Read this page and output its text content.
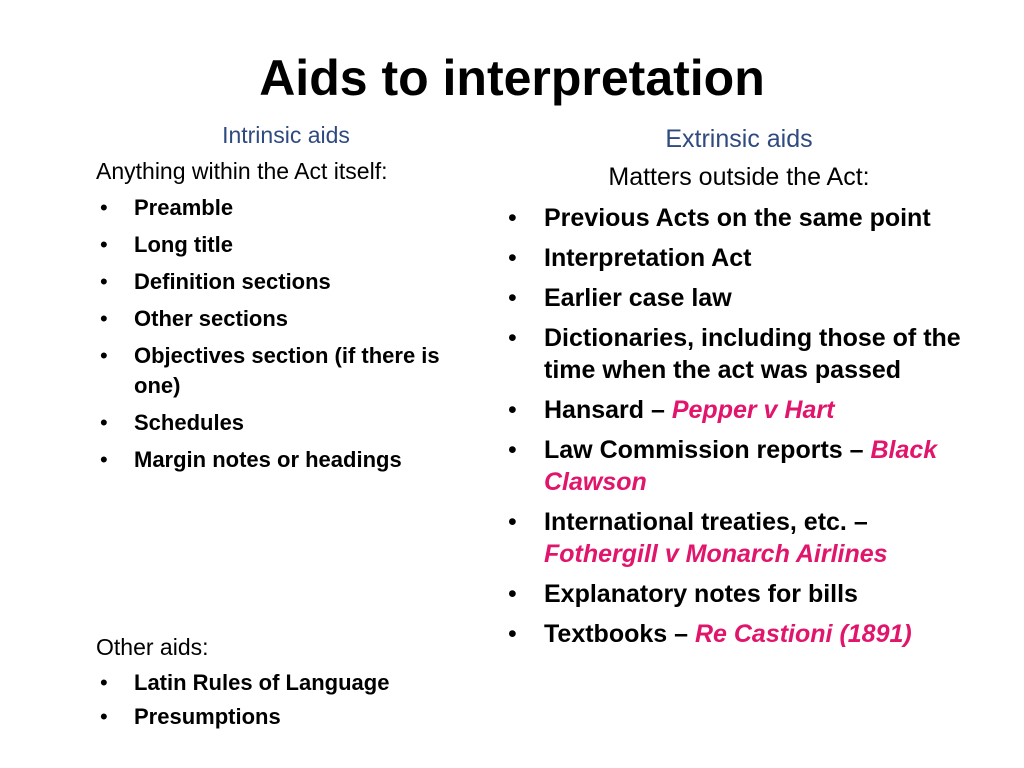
Aids to interpretation
Intrinsic aids

Anything within the Act itself:

• Preamble
• Long title
• Definition sections
• Other sections
• Objectives section (if there is one)
• Schedules
• Margin notes or headings

Other aids:

• Latin Rules of Language
• Presumptions
Extrinsic aids

Matters outside the Act:

• Previous Acts on the same point
• Interpretation Act
• Earlier case law
• Dictionaries, including those of the time when the act was passed
• Hansard – Pepper v Hart
• Law Commission reports – Black Clawson
• International treaties, etc. – Fothergill v Monarch Airlines
• Explanatory notes for bills
• Textbooks – Re Castioni (1891)
